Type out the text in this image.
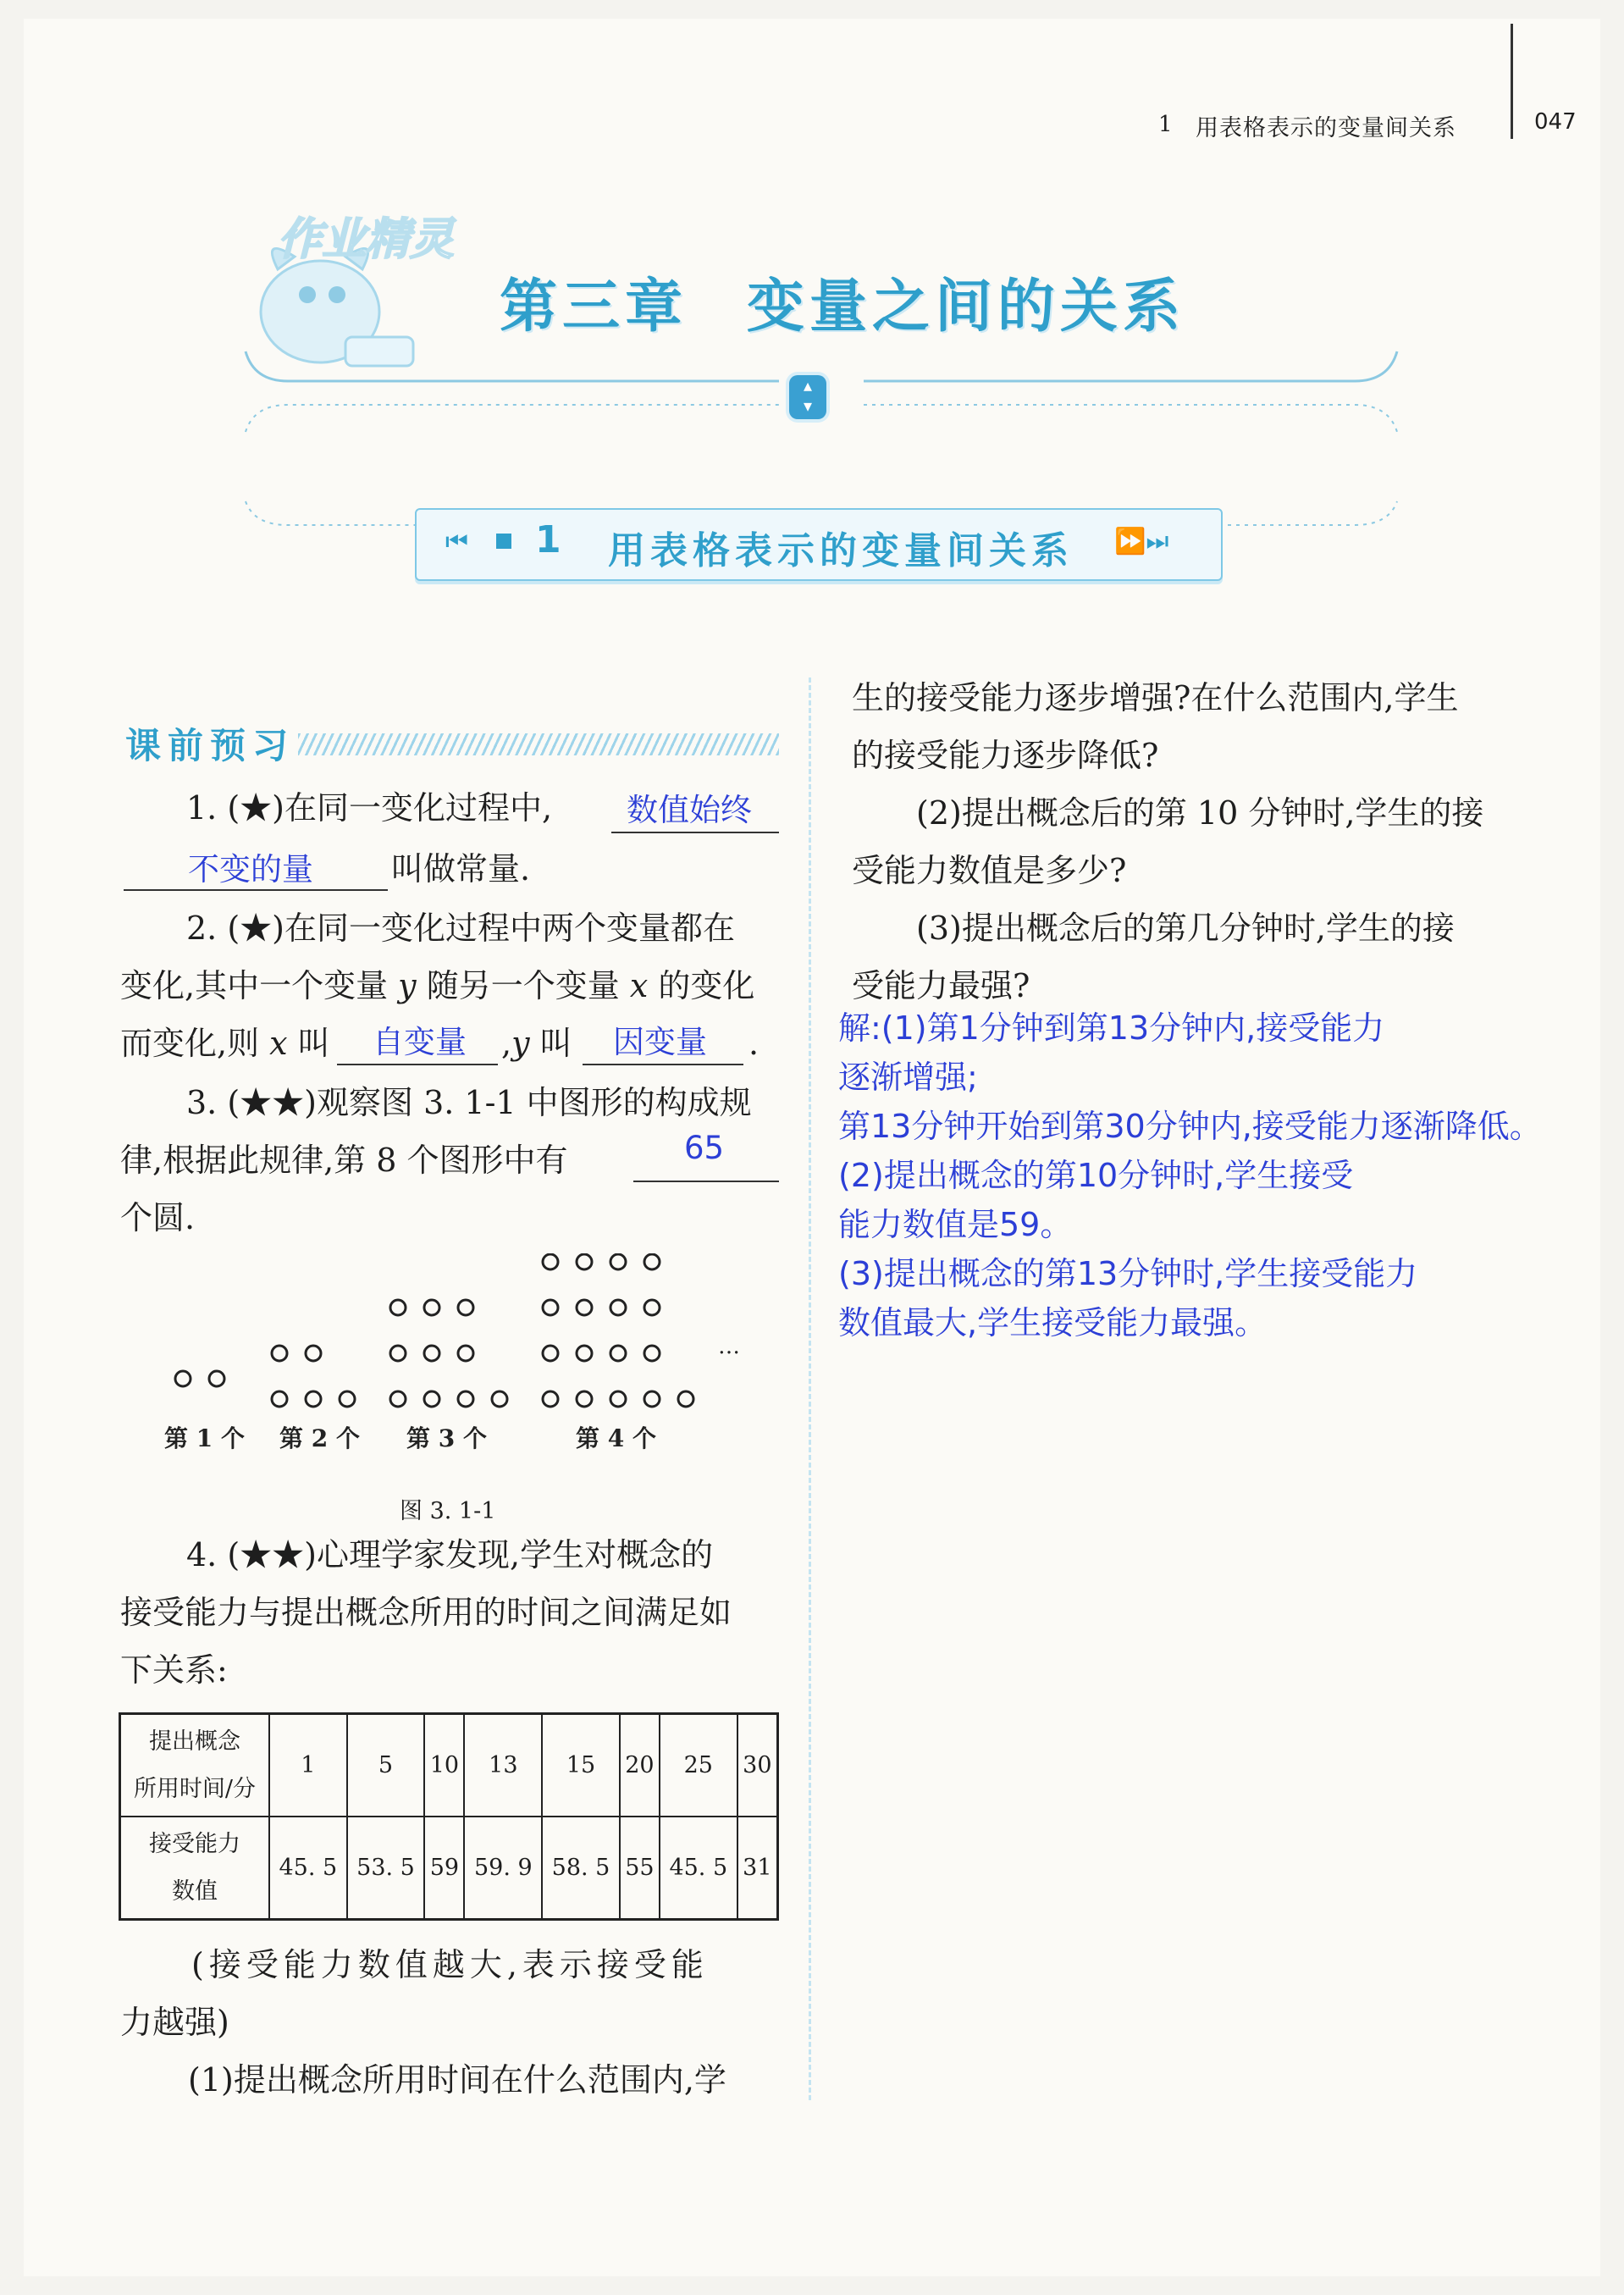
1 用表格表示的变量间关系	047
作业精灵
第三章 变量之间的关系
▴
▾
⏮ 1 用表格表示的变量间关系 ⏩⏭
课前预习
1. (★)在同一变化过程中, 数值始终
不变的量 叫做常量.
2. (★)在同一变化过程中两个变量都在
变化,其中一个变量 y 随另一个变量 x 的变化
而变化,则 x 叫 自变量 ,y 叫 因变量 .
3. (★★)观察图 3. 1-1 中图形的构成规
律,根据此规律,第 8 个图形中有	65
个圆.
…
第 1 个 第 2 个 第 3 个	第 4 个
图 3. 1-1
4. (★★)心理学家发现,学生对概念的
接受能力与提出概念所用的时间之间满足如
下关系:
提出概念
所用时间/分	1	5	10	13	15	20	25	30
接受能力
数值	45. 5	53. 5	59	59. 9	58. 5	55	45. 5	31
(接受能力数值越大,表示接受能
力越强)
(1)提出概念所用时间在什么范围内,学
生的接受能力逐步增强?在什么范围内,学生
的接受能力逐步降低?
(2)提出概念后的第 10 分钟时,学生的接
受能力数值是多少?
(3)提出概念后的第几分钟时,学生的接
受能力最强?
解:(1)第1分钟到第13分钟内,接受能力
逐渐增强;
第13分钟开始到第30分钟内,接受能力逐渐降低。
(2)提出概念的第10分钟时,学生接受
能力数值是59。
(3)提出概念的第13分钟时,学生接受能力
数值最大,学生接受能力最强。
